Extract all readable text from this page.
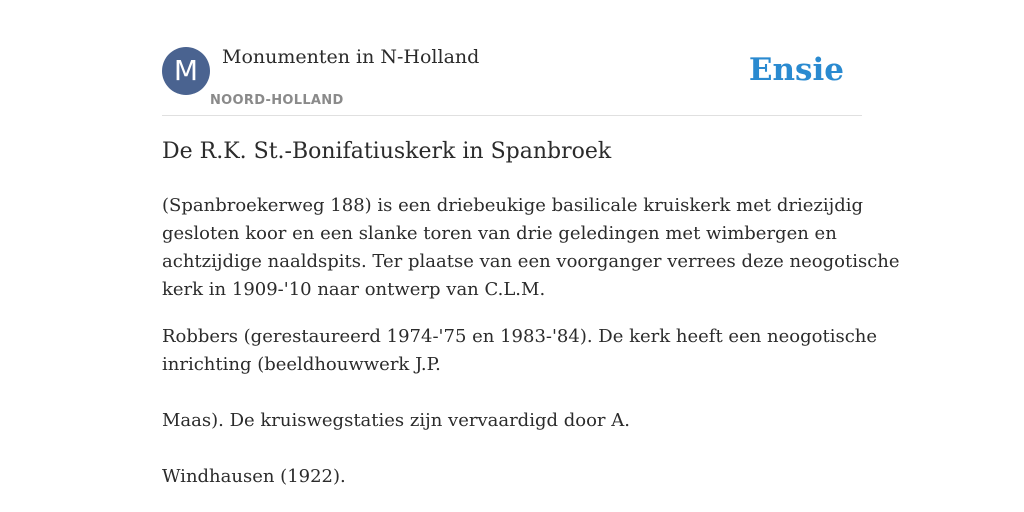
M	Monumenten in N-Holland
NOORD-HOLLAND
Ensie
De R.K. St.-Bonifatiuskerk in Spanbroek

(Spanbroekerweg 188) is een driebeukige basilicale kruiskerk met driezijdig
gesloten koor en een slanke toren van drie geledingen met wimbergen en
achtzijdige naaldspits. Ter plaatse van een voorganger verrees deze neogotische
kerk in 1909-'10 naar ontwerp van C.L.M.

Robbers (gerestaureerd 1974-'75 en 1983-'84). De kerk heeft een neogotische
inrichting (beeldhouwwerk J.P.

Maas). De kruiswegstaties zijn vervaardigd door A.

Windhausen (1922).
